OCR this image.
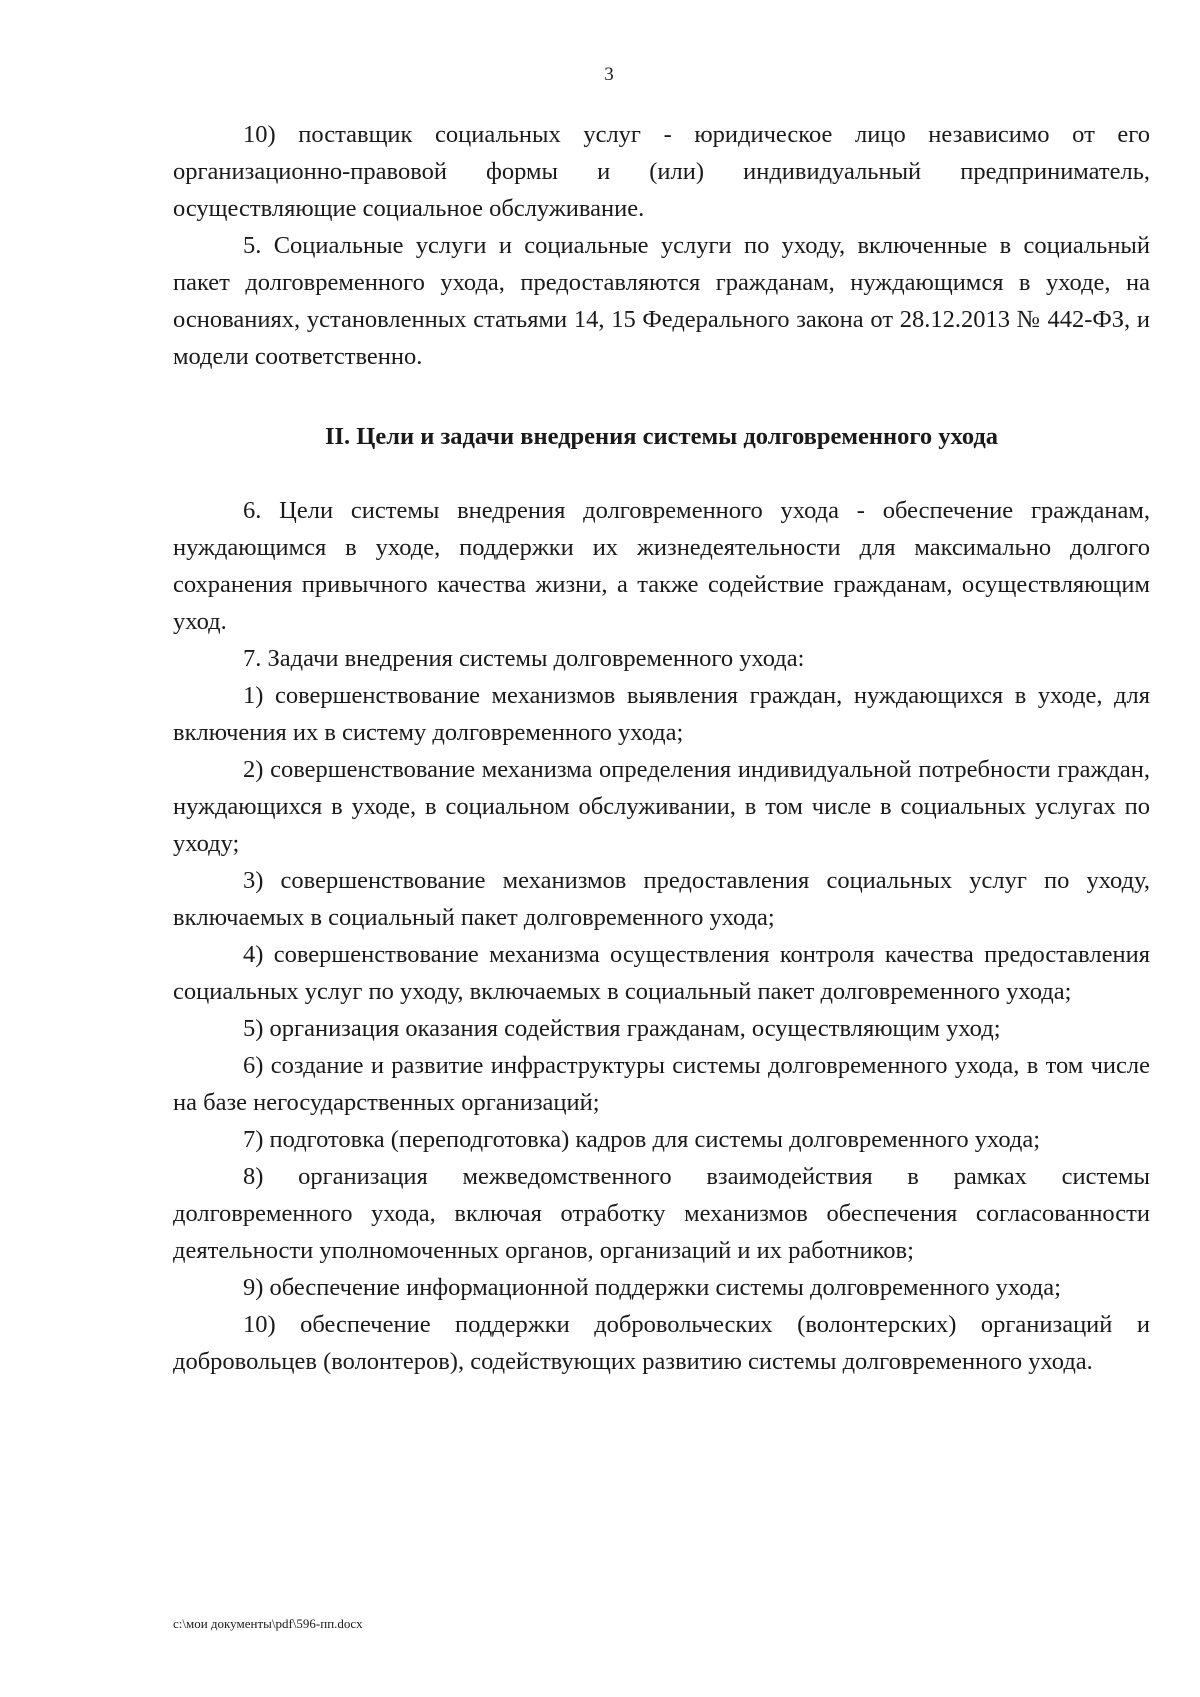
3

10) поставщик социальных услуг - юридическое лицо независимо от его организационно-правовой формы и (или) индивидуальный предприниматель, осуществляющие социальное обслуживание.

5. Социальные услуги и социальные услуги по уходу, включенные в социальный пакет долговременного ухода, предоставляются гражданам, нуждающимся в уходе, на основаниях, установленных статьями 14, 15 Федерального закона от 28.12.2013 № 442-ФЗ, и модели соответственно.

II. Цели и задачи внедрения системы долговременного ухода

6. Цели системы внедрения долговременного ухода - обеспечение гражданам, нуждающимся в уходе, поддержки их жизнедеятельности для максимально долгого сохранения привычного качества жизни, а также содействие гражданам, осуществляющим уход.

7. Задачи внедрения системы долговременного ухода:

1) совершенствование механизмов выявления граждан, нуждающихся в уходе, для включения их в систему долговременного ухода;

2) совершенствование механизма определения индивидуальной потребности граждан, нуждающихся в уходе, в социальном обслуживании, в том числе в социальных услугах по уходу;

3) совершенствование механизмов предоставления социальных услуг по уходу, включаемых в социальный пакет долговременного ухода;

4) совершенствование механизма осуществления контроля качества предоставления социальных услуг по уходу, включаемых в социальный пакет долговременного ухода;

5) организация оказания содействия гражданам, осуществляющим уход;

6) создание и развитие инфраструктуры системы долговременного ухода, в том числе на базе негосударственных организаций;

7) подготовка (переподготовка) кадров для системы долговременного ухода;

8) организация межведомственного взаимодействия в рамках системы долговременного ухода, включая отработку механизмов обеспечения согласованности деятельности уполномоченных органов, организаций и их работников;

9) обеспечение информационной поддержки системы долговременного ухода;

10) обеспечение поддержки добровольческих (волонтерских) организаций и добровольцев (волонтеров), содействующих развитию системы долговременного ухода.

c:\мои документы\pdf\596-пп.docx
